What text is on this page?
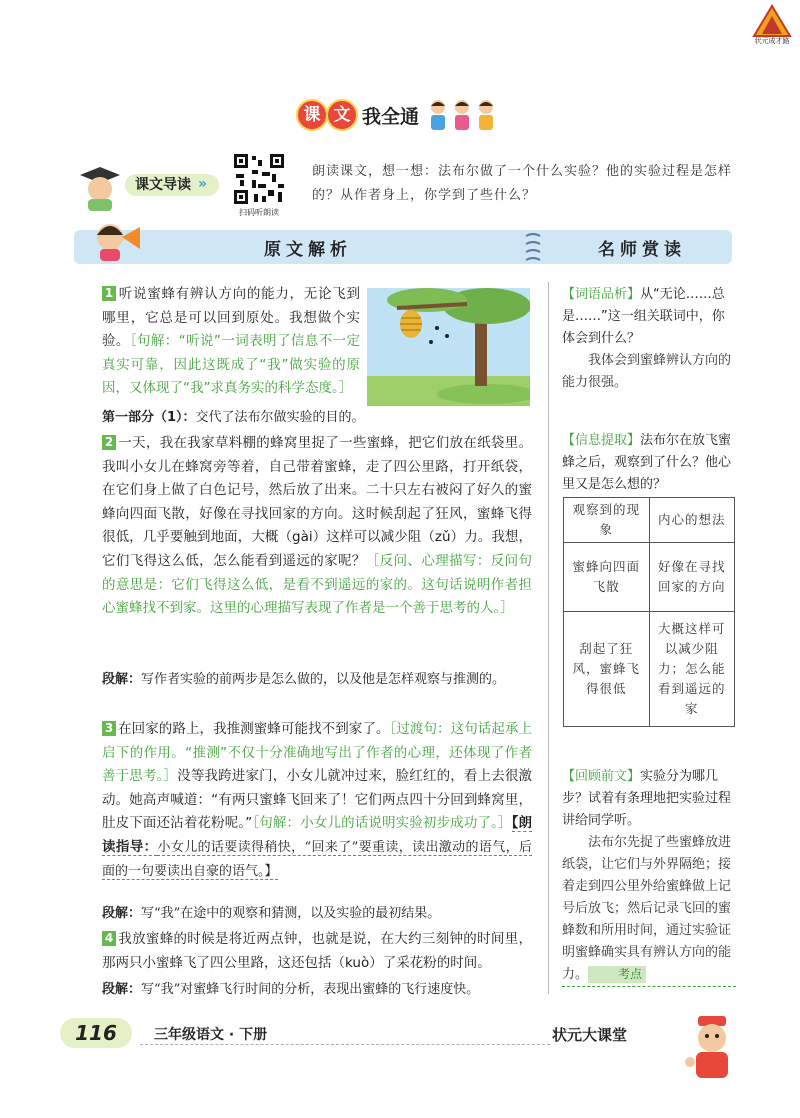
状元成才路
课 文 我全通
课文导读 »
扫码听朗读
朗读课文，想一想：法布尔做了一个什么实验？他的实验过程是怎样的？从作者身上，你学到了些什么？
原文解析	名师赏读
1 听说蜜蜂有辨认方向的能力，无论飞到哪里，它总是可以回到原处。我想做个实验。［句解：“听说”一词表明了信息不一定真实可靠，因此这既成了“我”做实验的原因，又体现了“我”求真务实的科学态度。］
第一部分（1）：交代了法布尔做实验的目的。
2 一天，我在我家草料棚的蜂窝里捉了一些蜜蜂，把它们放在纸袋里。我叫小女儿在蜂窝旁等着，自己带着蜜蜂，走了四公里路，打开纸袋，在它们身上做了白色记号，然后放了出来。二十只左右被闷了好久的蜜蜂向四面飞散，好像在寻找回家的方向。这时候刮起了狂风，蜜蜂飞得很低，几乎要触到地面，大概（gài）这样可以减少阻（zǔ）力。我想，它们飞得这么低，怎么能看到遥远的家呢？［反问、心理描写：反问句的意思是：它们飞得这么低，是看不到遥远的家的。这句话说明作者担心蜜蜂找不到家。这里的心理描写表现了作者是一个善于思考的人。］
段解：写作者实验的前两步是怎么做的，以及他是怎样观察与推测的。
3 在回家的路上，我推测蜜蜂可能找不到家了。［过渡句：这句话起承上启下的作用。“推测”不仅十分准确地写出了作者的心理，还体现了作者善于思考。］没等我跨进家门，小女儿就冲过来，脸红红的，看上去很激动。她高声喊道：“有两只蜜蜂飞回来了！它们两点四十分回到蜂窝里，肚皮下面还沾着花粉呢。”［句解：小女儿的话说明实验初步成功了。］【朗读指导：小女儿的话要读得稍快，“回来了”要重读，读出激动的语气，后面的一句要读出自豪的语气。】
段解：写“我”在途中的观察和猜测，以及实验的最初结果。
4 我放蜜蜂的时候是将近两点钟，也就是说，在大约三刻钟的时间里，那两只小蜜蜂飞了四公里路，这还包括（kuò）了采花粉的时间。
段解：写“我”对蜜蜂飞行时间的分析，表现出蜜蜂的飞行速度快。
【词语品析】从“无论……总是……”这一组关联词中，你体会到什么？
我体会到蜜蜂辨认方向的能力很强。
【信息提取】法布尔在放飞蜜蜂之后，观察到了什么？他心里又是怎么想的？
观察到的现象	内心的想法
蜜蜂向四面飞散	好像在寻找回家的方向
刮起了狂风，蜜蜂飞得很低	大概这样可以减少阻力；怎么能看到遥远的家
【回顾前文】实验分为哪几步？试着有条理地把实验过程讲给同学听。
法布尔先捉了些蜜蜂放进纸袋，让它们与外界隔绝；接着走到四公里外给蜜蜂做上记号后放飞；然后记录飞回的蜜蜂数和所用时间，通过实验证明蜜蜂确实具有辨认方向的能力。	考点
116	三年级语文 · 下册	状元大课堂
